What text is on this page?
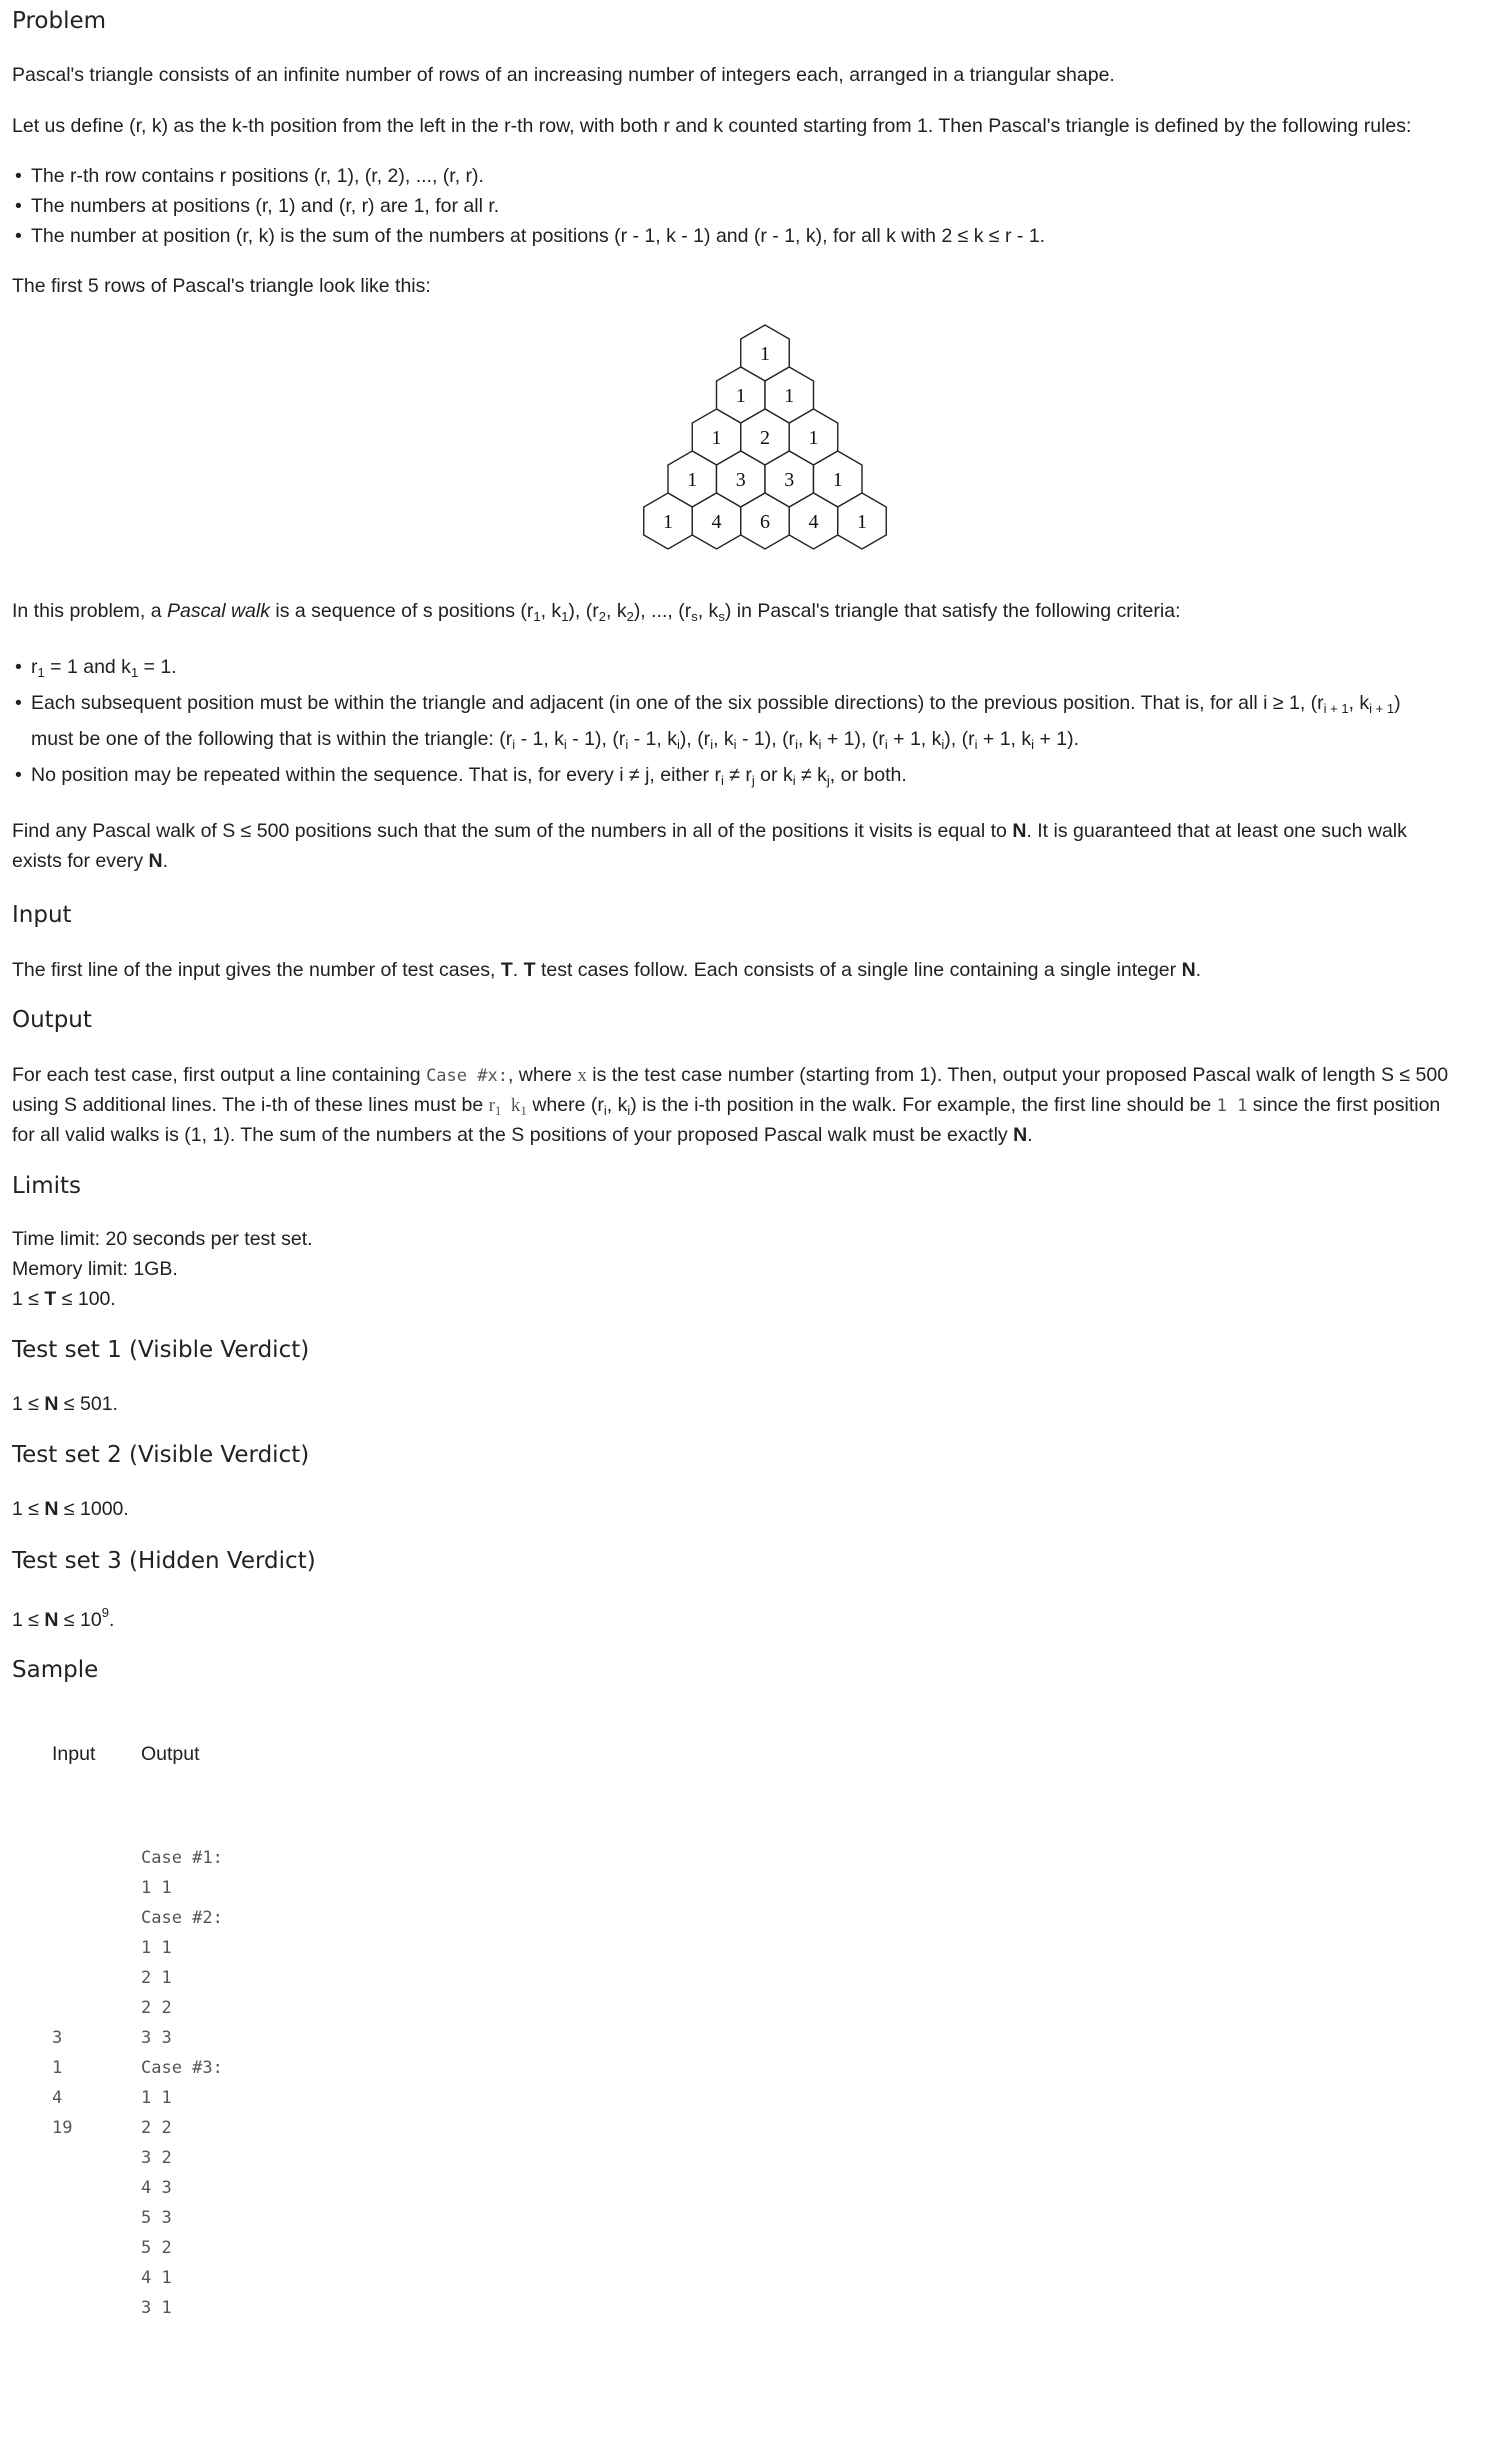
Problem

Pascal's triangle consists of an infinite number of rows of an increasing number of integers each, arranged in a triangular shape.

Let us define (r, k) as the k-th position from the left in the r-th row, with both r and k counted starting from 1. Then Pascal's triangle is defined by the following rules:

• The r-th row contains r positions (r, 1), (r, 2), ..., (r, r).
• The numbers at positions (r, 1) and (r, r) are 1, for all r.
• The number at position (r, k) is the sum of the numbers at positions (r - 1, k - 1) and (r - 1, k), for all k with 2 ≤ k ≤ r - 1.

The first 5 rows of Pascal's triangle look like this:

1
1 1
1 2 1
1 3 3 1
1 4 6 4 1

In this problem, a Pascal walk is a sequence of s positions ($r_1$, $k_1$), ($r_2$, $k_2$), ..., ($r_s$, $k_s$) in Pascal's triangle that satisfy the following criteria:

• $r_1 = 1$ and $k_1 = 1$.
• Each subsequent position must be within the triangle and adjacent (in one of the six possible directions) to the previous position. That is, for all i ≥ 1, ($r_{i + 1}$, $k_{i + 1}$)
must be one of the following that is within the triangle: ($r_i - 1$, $k_i - 1$), ($r_i - 1$, $k_i$), ($r_i$, $k_i - 1$), ($r_i$, $k_i + 1$), ($r_i + 1$, $k_i$), ($r_i + 1$, $k_i + 1$).
• No position may be repeated within the sequence. That is, for every i ≠ j, either $r_i \ne r_j$ or $k_i \ne k_j$, or both.

Find any Pascal walk of S ≤ 500 positions such that the sum of the numbers in all of the positions it visits is equal to N. It is guaranteed that at least one such walk

exists for every N.

Input

The first line of the input gives the number of test cases, T. T test cases follow. Each consists of a single line containing a single integer N.

Output

For each test case, first output a line containing Case #x:, where x is the test case number (starting from 1). Then, output your proposed Pascal walk of length S ≤ 500

using S additional lines. The i-th of these lines must be $r_1$  $k_1$ where ($r_i$, $k_i$) is the i-th position in the walk. For example, the first line should be 1 1 since the first position

for all valid walks is (1, 1). The sum of the numbers at the S positions of your proposed Pascal walk must be exactly N.

Limits

Time limit: 20 seconds per test set.

Memory limit: 1GB.

1 ≤ T ≤ 100.

Test set 1 (Visible Verdict)

1 ≤ N ≤ 501.

Test set 2 (Visible Verdict)

1 ≤ N ≤ 1000.

Test set 3 (Hidden Verdict)

$1 \le N \le 10^9$.

Sample
Input Output
3
1
4
19
Case #1:
1 1
Case #2:
1 1
2 1
2 2
3 3
Case #3:
1 1
2 2
3 2
4 3
5 3
5 2
4 1
3 1
